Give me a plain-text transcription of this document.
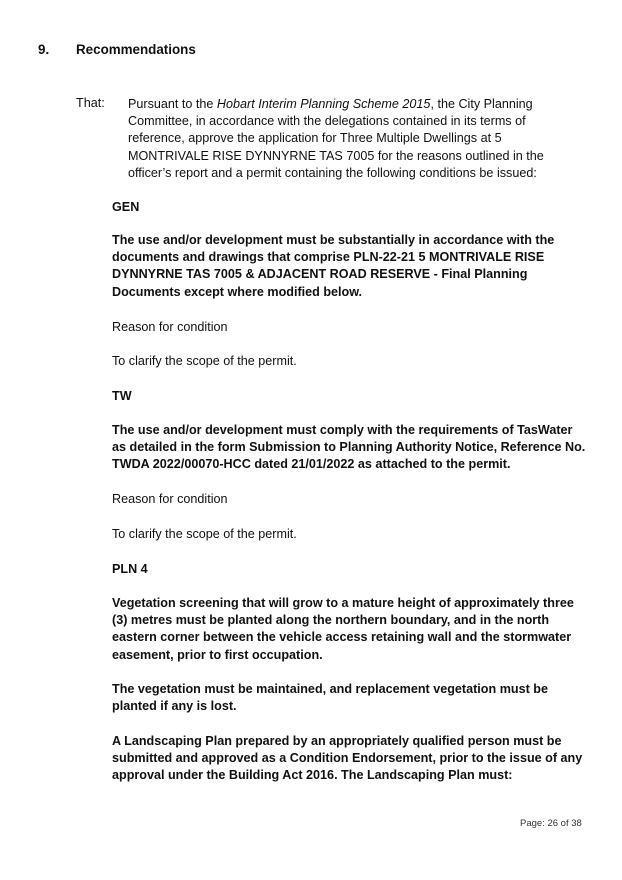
9. Recommendations
That: Pursuant to the Hobart Interim Planning Scheme 2015, the City Planning Committee, in accordance with the delegations contained in its terms of reference, approve the application for Three Multiple Dwellings at 5 MONTRIVALE RISE DYNNYRNE TAS 7005 for the reasons outlined in the officer’s report and a permit containing the following conditions be issued:
GEN
The use and/or development must be substantially in accordance with the documents and drawings that comprise PLN-22-21 5 MONTRIVALE RISE DYNNYRNE TAS 7005 & ADJACENT ROAD RESERVE - Final Planning Documents except where modified below.
Reason for condition
To clarify the scope of the permit.
TW
The use and/or development must comply with the requirements of TasWater as detailed in the form Submission to Planning Authority Notice, Reference No. TWDA 2022/00070-HCC dated 21/01/2022 as attached to the permit.
Reason for condition
To clarify the scope of the permit.
PLN 4
Vegetation screening that will grow to a mature height of approximately three (3) metres must be planted along the northern boundary, and in the north eastern corner between the vehicle access retaining wall and the stormwater easement, prior to first occupation.
The vegetation must be maintained, and replacement vegetation must be planted if any is lost.
A Landscaping Plan prepared by an appropriately qualified person must be submitted and approved as a Condition Endorsement, prior to the issue of any approval under the Building Act 2016. The Landscaping Plan must:
Page: 26 of 38
